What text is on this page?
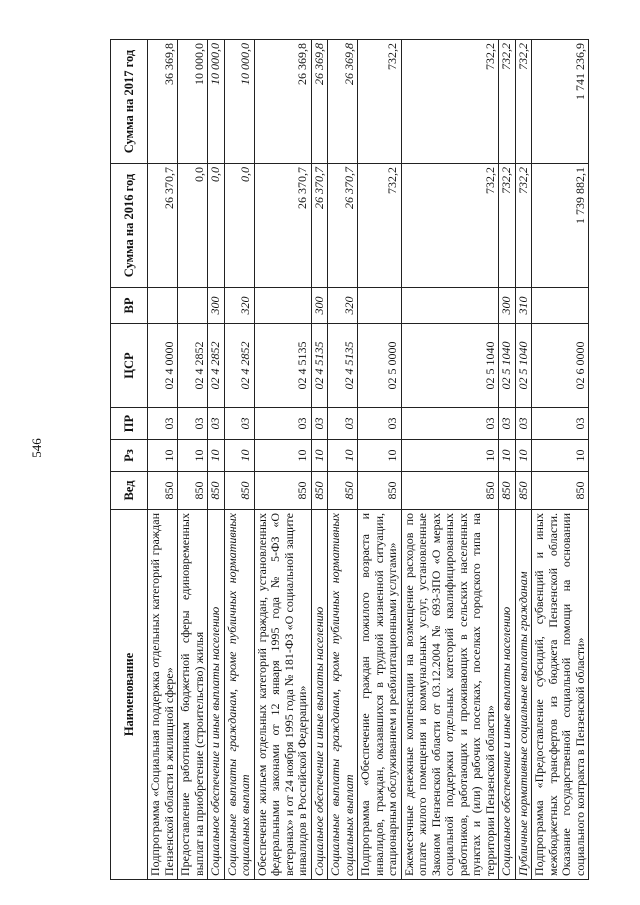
546
Наименование	Вед	Рз	ПР	ЦСР	ВР	Сумма на 2016 год	Сумма на 2017 год
Подпрограмма «Социальная поддержка отдельных категорий граждан Пензенской области в жилищной сфере»	850	10	03	02 4 0000		26 370,7	36 369,8
Предоставление работникам бюджетной сферы единовременных выплат на приобретение (строительство) жилья	850	10	03	02 4 2852		0,0	10 000,0
Социальное обеспечение и иные выплаты населению	850	10	03	02 4 2852	300	0,0	10 000,0
Социальные выплаты гражданам, кроме публичных нормативных социальных выплат	850	10	03	02 4 2852	320	0,0	10 000,0
Обеспечение жильем отдельных категорий граждан, установленных федеральными законами от 12 января 1995 года № 5-ФЗ «О ветеранах» и от 24 ноября 1995 года № 181-ФЗ «О социальной защите инвалидов в Российской Федерации»	850	10	03	02 4 5135		26 370,7	26 369,8
Социальное обеспечение и иные выплаты населению	850	10	03	02 4 5135	300	26 370,7	26 369,8
Социальные выплаты гражданам, кроме публичных нормативных социальных выплат	850	10	03	02 4 5135	320	26 370,7	26 369,8
Подпрограмма «Обеспечение граждан пожилого возраста и инвалидов, граждан, оказавшихся в трудной жизненной ситуации, стационарным обслуживанием и реабилитационными услугами»	850	10	03	02 5 0000		732,2	732,2
Ежемесячные денежные компенсации на возмещение расходов по оплате жилого помещения и коммунальных услуг, установленные Законом Пензенской области от 03.12.2004 № 693-ЗПО «О мерах социальной поддержки отдельных категорий квалифицированных работников, работающих и проживающих в сельских населенных пунктах и (или) рабочих поселках, поселках городского типа на территории Пензенской области»	850	10	03	02 5 1040		732,2	732,2
Социальное обеспечение и иные выплаты населению	850	10	03	02 5 1040	300	732,2	732,2
Публичные нормативные социальные выплаты гражданам	850	10	03	02 5 1040	310	732,2	732,2
Подпрограмма «Предоставление субсидий, субвенций и иных межбюджетных трансфертов из бюджета Пензенской области. Оказание государственной социальной помощи на основании социального контракта в Пензенской области»	850	10	03	02 6 0000		1 739 882,1	1 741 236,9
